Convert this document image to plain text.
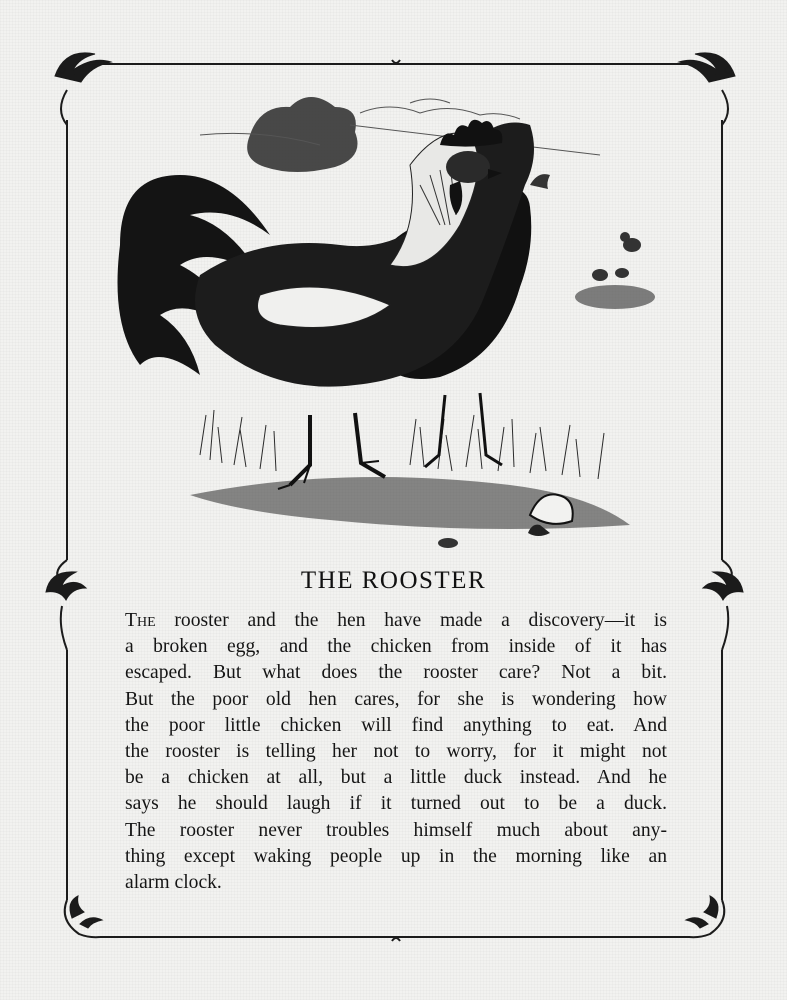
THE ROOSTER
The rooster and the hen have made a discovery—it is
a broken egg, and the chicken from inside of it has
escaped. But what does the rooster care? Not a bit.
But the poor old hen cares, for she is wondering how
the poor little chicken will find anything to eat. And
the rooster is telling her not to worry, for it might not
be a chicken at all, but a little duck instead. And he
says he should laugh if it turned out to be a duck.
The rooster never troubles himself much about any-
thing except waking people up in the morning like an
alarm clock.
